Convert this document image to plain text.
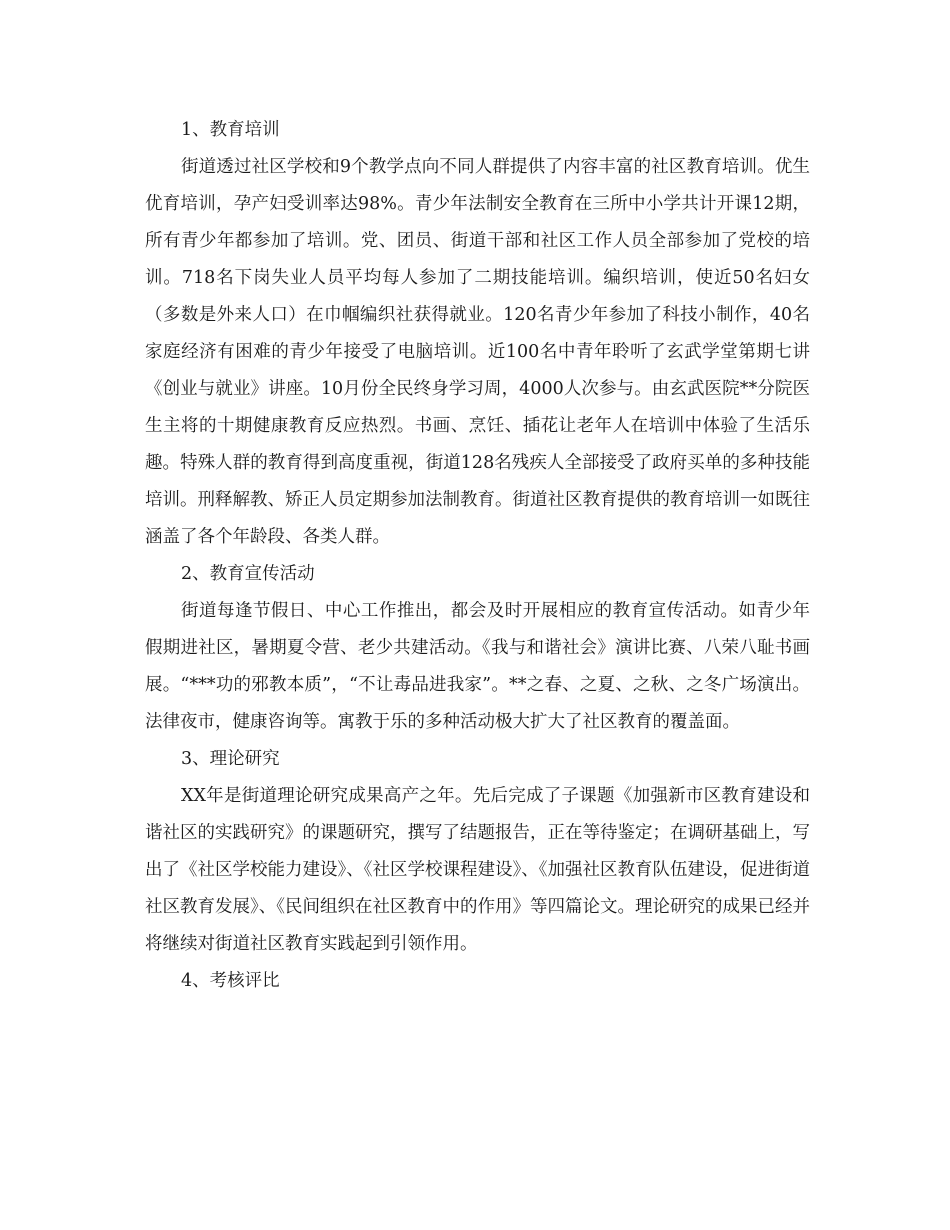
1、教育培训

街道透过社区学校和9个教学点向不同人群提供了内容丰富的社区教育培训。优生优育培训，孕产妇受训率达98%。青少年法制安全教育在三所中小学共计开课12期，所有青少年都参加了培训。党、团员、街道干部和社区工作人员全部参加了党校的培训。718名下岗失业人员平均每人参加了二期技能培训。编织培训，使近50名妇女（多数是外来人口）在巾帼编织社获得就业。120名青少年参加了科技小制作，40名家庭经济有困难的青少年接受了电脑培训。近100名中青年聆听了玄武学堂第期七讲《创业与就业》讲座。10月份全民终身学习周，4000人次参与。由玄武医院**分院医生主将的十期健康教育反应热烈。书画、烹饪、插花让老年人在培训中体验了生活乐趣。特殊人群的教育得到高度重视，街道128名残疾人全部接受了政府买单的多种技能培训。刑释解教、矫正人员定期参加法制教育。街道社区教育提供的教育培训一如既往涵盖了各个年龄段、各类人群。

2、教育宣传活动

街道每逢节假日、中心工作推出，都会及时开展相应的教育宣传活动。如青少年假期进社区，暑期夏令营、老少共建活动。《我与和谐社会》演讲比赛、八荣八耻书画展。“***功的邪教本质”，“不让毒品进我家”。**之春、之夏、之秋、之冬广场演出。法律夜市，健康咨询等。寓教于乐的多种活动极大扩大了社区教育的覆盖面。

3、理论研究

XX年是街道理论研究成果高产之年。先后完成了子课题《加强新市区教育建设和谐社区的实践研究》的课题研究，撰写了结题报告，正在等待鉴定；在调研基础上，写出了《社区学校能力建设》、《社区学校课程建设》、《加强社区教育队伍建设，促进街道社区教育发展》、《民间组织在社区教育中的作用》等四篇论文。理论研究的成果已经并将继续对街道社区教育实践起到引领作用。

4、考核评比
